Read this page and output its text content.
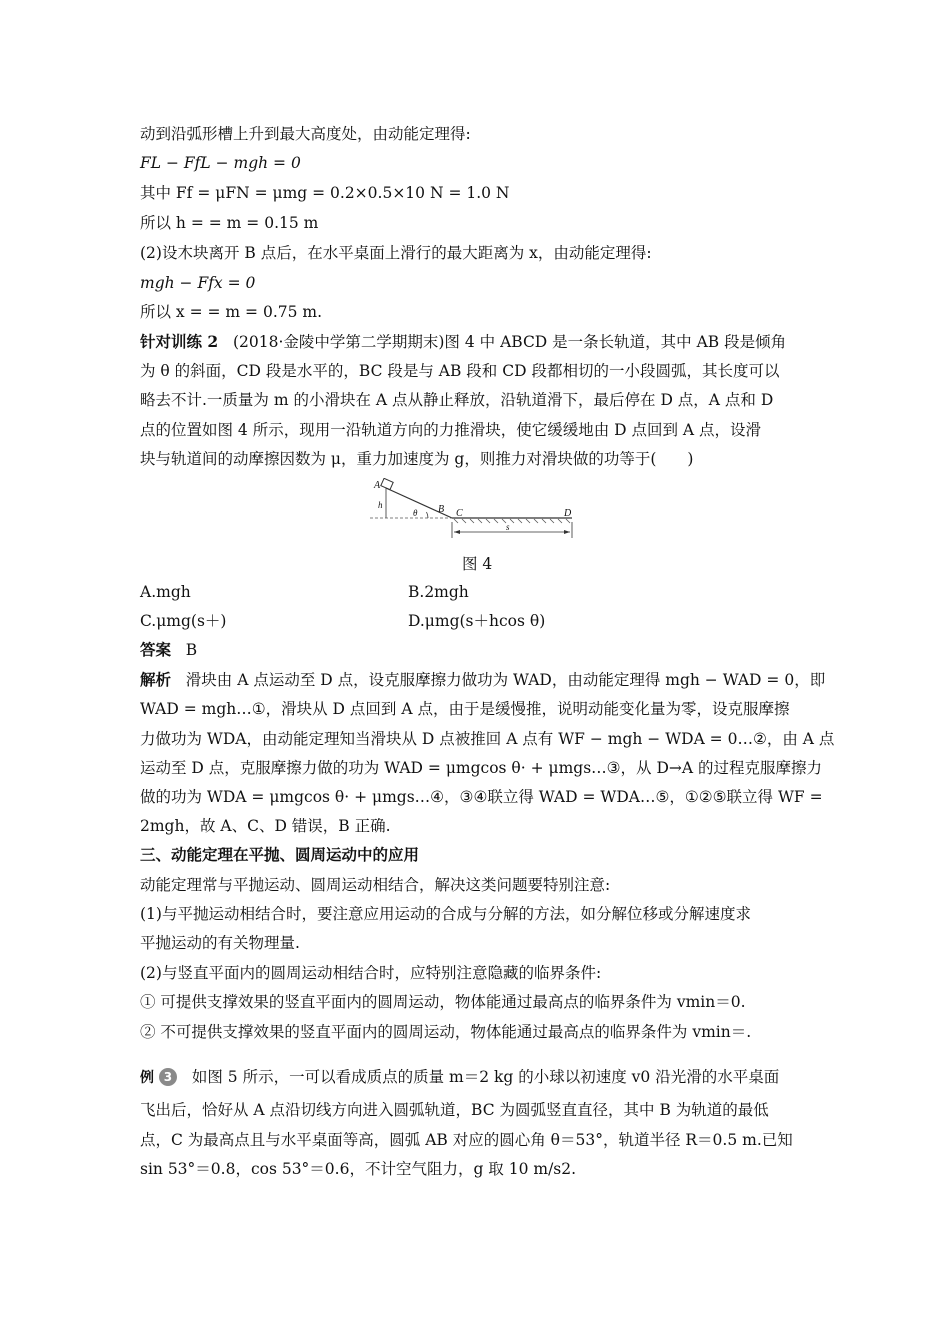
动到沿弧形槽上升到最大高度处，由动能定理得:
FL − FfL − mgh = 0
其中 Ff = μFN = μmg = 0.2×0.5×10 N = 1.0 N
所以 h = = m = 0.15 m
(2)设木块离开 B 点后，在水平桌面上滑行的最大距离为 x，由动能定理得:
mgh − Ffx = 0
所以 x = = m = 0.75 m.
针对训练 2 (2018·金陵中学第二学期期末)图 4 中 ABCD 是一条长轨道，其中 AB 段是倾角
为 θ 的斜面，CD 段是水平的，BC 段是与 AB 段和 CD 段都相切的一小段圆弧，其长度可以
略去不计.一质量为 m 的小滑块在 A 点从静止释放，沿轨道滑下，最后停在 D 点，A 点和 D
点的位置如图 4 所示，现用一沿轨道方向的力推滑块，使它缓缓地由 D 点回到 A 点，设滑
块与轨道间的动摩擦因数为 μ，重力加速度为 g，则推力对滑块做的功等于(　　)
A
h
θ B C	D
s
图 4
A.mgh	B.2mgh
C.μmg(s＋)	D.μmg(s＋hcos θ)
答案 B
解析 滑块由 A 点运动至 D 点，设克服摩擦力做功为 WAD，由动能定理得 mgh − WAD = 0，即
WAD = mgh…①，滑块从 D 点回到 A 点，由于是缓慢推，说明动能变化量为零，设克服摩擦
力做功为 WDA，由动能定理知当滑块从 D 点被推回 A 点有 WF − mgh − WDA = 0…②，由 A 点
运动至 D 点，克服摩擦力做的功为 WAD = μmgcos θ· + μmgs…③，从 D→A 的过程克服摩擦力
做的功为 WDA = μmgcos θ· + μmgs…④，③④联立得 WAD = WDA…⑤，①②⑤联立得 WF =
2mgh，故 A、C、D 错误，B 正确.
三、动能定理在平抛、圆周运动中的应用
动能定理常与平抛运动、圆周运动相结合，解决这类问题要特别注意:
(1)与平抛运动相结合时，要注意应用运动的合成与分解的方法，如分解位移或分解速度求
平抛运动的有关物理量.
(2)与竖直平面内的圆周运动相结合时，应特别注意隐藏的临界条件:
① 可提供支撑效果的竖直平面内的圆周运动，物体能通过最高点的临界条件为 vmin＝0.
② 不可提供支撑效果的竖直平面内的圆周运动，物体能通过最高点的临界条件为 vmin＝.
例 3 如图 5 所示，一可以看成质点的质量 m＝2 kg 的小球以初速度 v0 沿光滑的水平桌面
飞出后，恰好从 A 点沿切线方向进入圆弧轨道，BC 为圆弧竖直直径，其中 B 为轨道的最低
点，C 为最高点且与水平桌面等高，圆弧 AB 对应的圆心角 θ＝53°，轨道半径 R＝0.5 m.已知
sin 53°＝0.8，cos 53°＝0.6，不计空气阻力，g 取 10 m/s2.
